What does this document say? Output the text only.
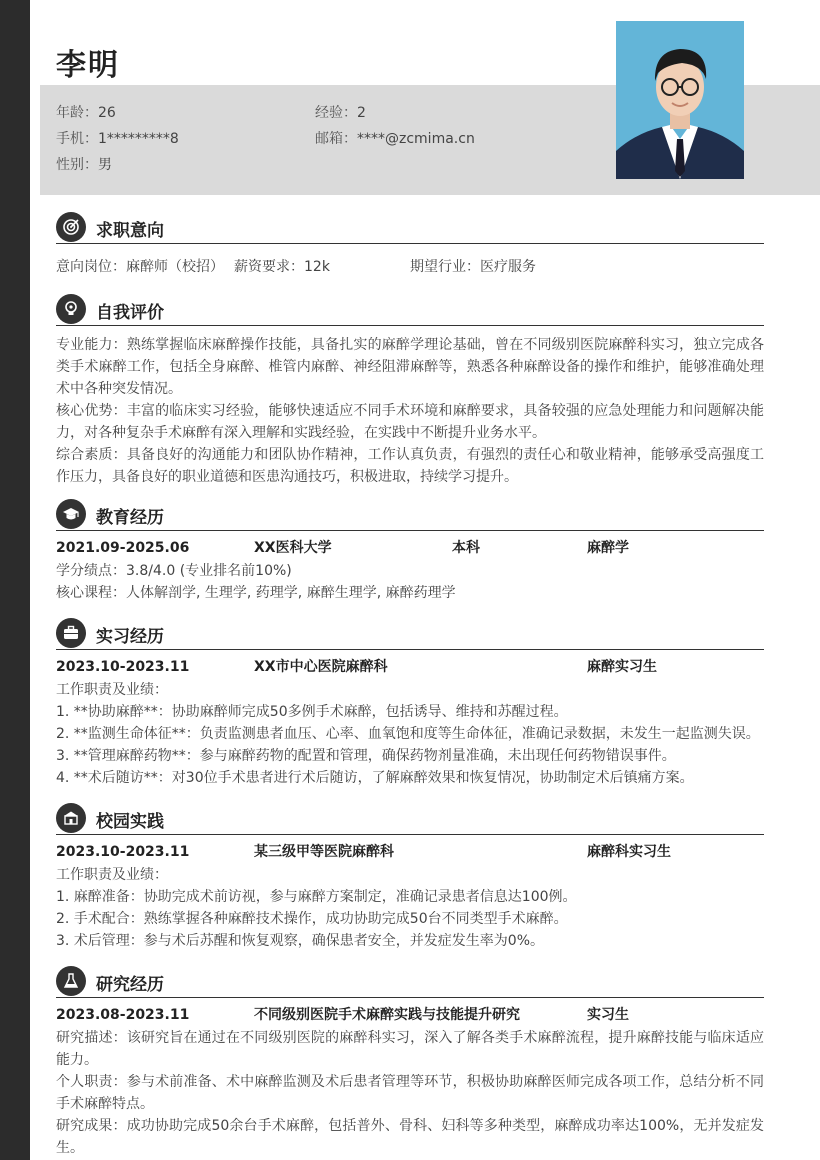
李明
年龄：26	经验：2
手机：1*********8	邮箱：****@zcmima.cn
性别：男
求职意向
意向岗位：麻醉师（校招） 薪资要求：12k	期望行业：医疗服务
自我评价
专业能力：熟练掌握临床麻醉操作技能，具备扎实的麻醉学理论基础，曾在不同级别医院麻醉科实习，独立完成各类手术麻醉工作，包括全身麻醉、椎管内麻醉、神经阻滞麻醉等，熟悉各种麻醉设备的操作和维护，能够准确处理术中各种突发情况。
核心优势：丰富的临床实习经验，能够快速适应不同手术环境和麻醉要求，具备较强的应急处理能力和问题解决能力，对各种复杂手术麻醉有深入理解和实践经验，在实践中不断提升业务水平。
综合素质：具备良好的沟通能力和团队协作精神，工作认真负责，有强烈的责任心和敬业精神，能够承受高强度工作压力，具备良好的职业道德和医患沟通技巧，积极进取，持续学习提升。
教育经历
2021.09-2025.06	XX医科大学	本科	麻醉学
学分绩点：3.8/4.0 (专业排名前10%)
核心课程：人体解剖学, 生理学, 药理学, 麻醉生理学, 麻醉药理学
实习经历
2023.10-2023.11	XX市中心医院麻醉科	麻醉实习生
工作职责及业绩：
1. **协助麻醉**：协助麻醉师完成50多例手术麻醉，包括诱导、维持和苏醒过程。
2. **监测生命体征**：负责监测患者血压、心率、血氧饱和度等生命体征，准确记录数据，未发生一起监测失误。
3. **管理麻醉药物**：参与麻醉药物的配置和管理，确保药物剂量准确，未出现任何药物错误事件。
4. **术后随访**：对30位手术患者进行术后随访，了解麻醉效果和恢复情况，协助制定术后镇痛方案。
校园实践
2023.10-2023.11	某三级甲等医院麻醉科	麻醉科实习生
工作职责及业绩：
1. 麻醉准备：协助完成术前访视，参与麻醉方案制定，准确记录患者信息达100例。
2. 手术配合：熟练掌握各种麻醉技术操作，成功协助完成50台不同类型手术麻醉。
3. 术后管理：参与术后苏醒和恢复观察，确保患者安全，并发症发生率为0%。
研究经历
2023.08-2023.11	不同级别医院手术麻醉实践与技能提升研究	实习生
研究描述：该研究旨在通过在不同级别医院的麻醉科实习，深入了解各类手术麻醉流程，提升麻醉技能与临床适应能力。
个人职责：参与术前准备、术中麻醉监测及术后患者管理等环节，积极协助麻醉医师完成各项工作，总结分析不同手术麻醉特点。
研究成果：成功协助完成50余台手术麻醉，包括普外、骨科、妇科等多种类型，麻醉成功率达100%，无并发症发生。
